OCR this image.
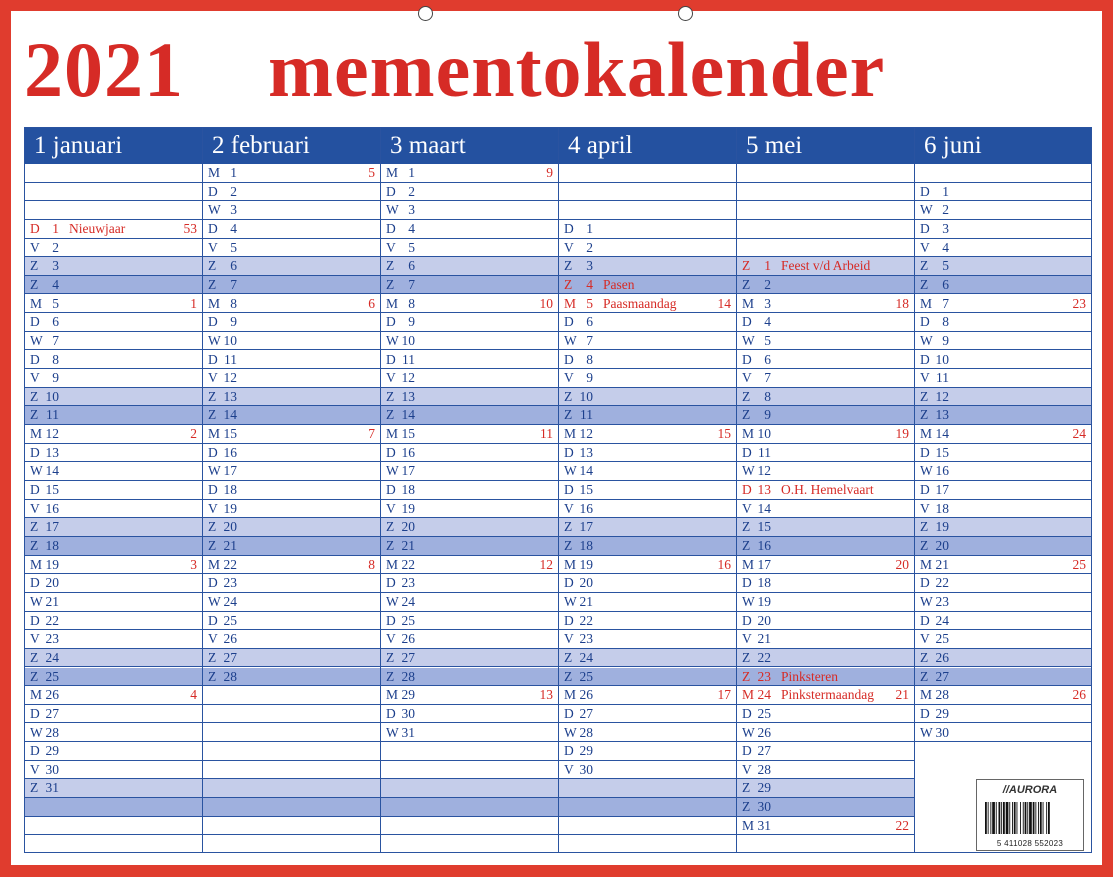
2021 mementokalender
1 januari
D 1 Nieuwjaar	53
V 2
Z	3
Z	4
M 5	1
D 6
W 7
D 8
V 9
Z 10
Z 11
M 12	2
D 13
W 14
D 15
V 16
Z 17
Z 18
M 19	3
D 20
W 21
D 22
V 23
Z 24
Z 25
M 26	4
D 27
W 28
D 29
V 30
Z 31
2 februari
M 1	5
D 2
W 3
D 4
V 5
Z	6
Z	7
M 8	6
D 9
W 10
D 11
V 12
Z 13
Z 14
M 15	7
D 16
W 17
D 18
V 19
Z 20
Z 21
M 22	8
D 23
W 24
D 25
V 26
Z 27
Z 28
3 maart
M 1	9
D 2
W 3
D 4
V 5
Z	6
Z	7
M 8	10
D 9
W 10
D 11
V 12
Z 13
Z 14
M 15	11
D 16
W 17
D 18
V 19
Z 20
Z 21
M 22	12
D 23
W 24
D 25
V 26
Z 27
Z 28
M 29	13
D 30
W 31
4 april
D 1
V 2
Z	3
Z	4 Pasen
M 5 Paasmaandag	14
D 6
W 7
D 8
V 9
Z 10
Z 11
M 12	15
D 13
W 14
D 15
V 16
Z 17
Z 18
M 19	16
D 20
W 21
D 22
V 23
Z 24
Z 25
M 26	17
D 27
W 28
D 29
V 30
5 mei
Z	1 Feest v/d Arbeid
Z	2
M 3	18
D 4
W 5
D 6
V 7
Z	8
Z	9
M 10	19
D 11
W 12
D 13 O.H. Hemelvaart
V 14
Z 15
Z 16
M 17	20
D 18
W 19
D 20
V 21
Z 22
Z 23 Pinksteren
M 24 Pinkstermaandag 21
D 25
W 26
D 27
V 28
Z 29
Z 30
M 31	22
6 juni
D 1
W 2
D 3
V 4
Z	5
Z	6
M 7	23
D 8
W 9
D 10
V 11
Z 12
Z 13
M 14	24
D 15
W 16
D 17
V 18
Z 19
Z 20
M 21	25
D 22
W 23
D 24
V 25
Z 26
Z 27
M 28	26
D 29
W 30
//AURORA
5 411028 552023
